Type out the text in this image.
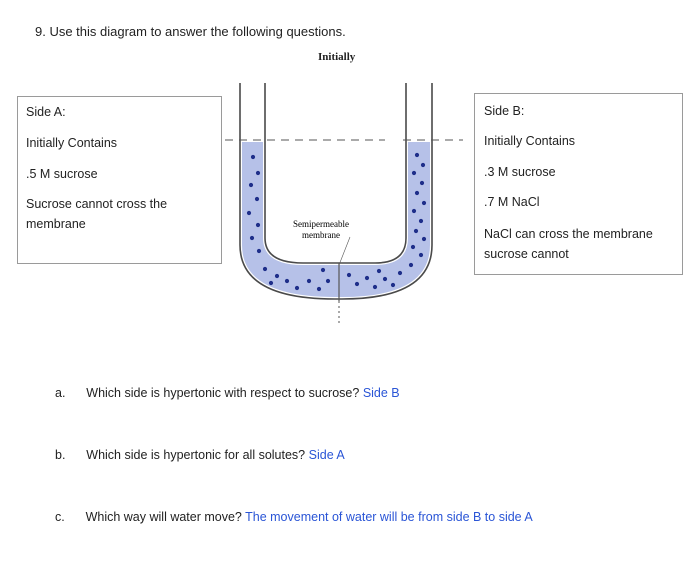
9. Use this diagram to answer the following questions.
Initially
Side A:
Initially Contains
.5 M sucrose
Sucrose cannot cross the
membrane
Side B:
Initially Contains
.3 M sucrose
.7 M NaCl
NaCl can cross the membrane
sucrose cannot
Semipermeable
membrane
a. Which side is hypertonic with respect to sucrose? Side B
b. Which side is hypertonic for all solutes? Side A
c. Which way will water move? The movement of water will be from side B to side A
